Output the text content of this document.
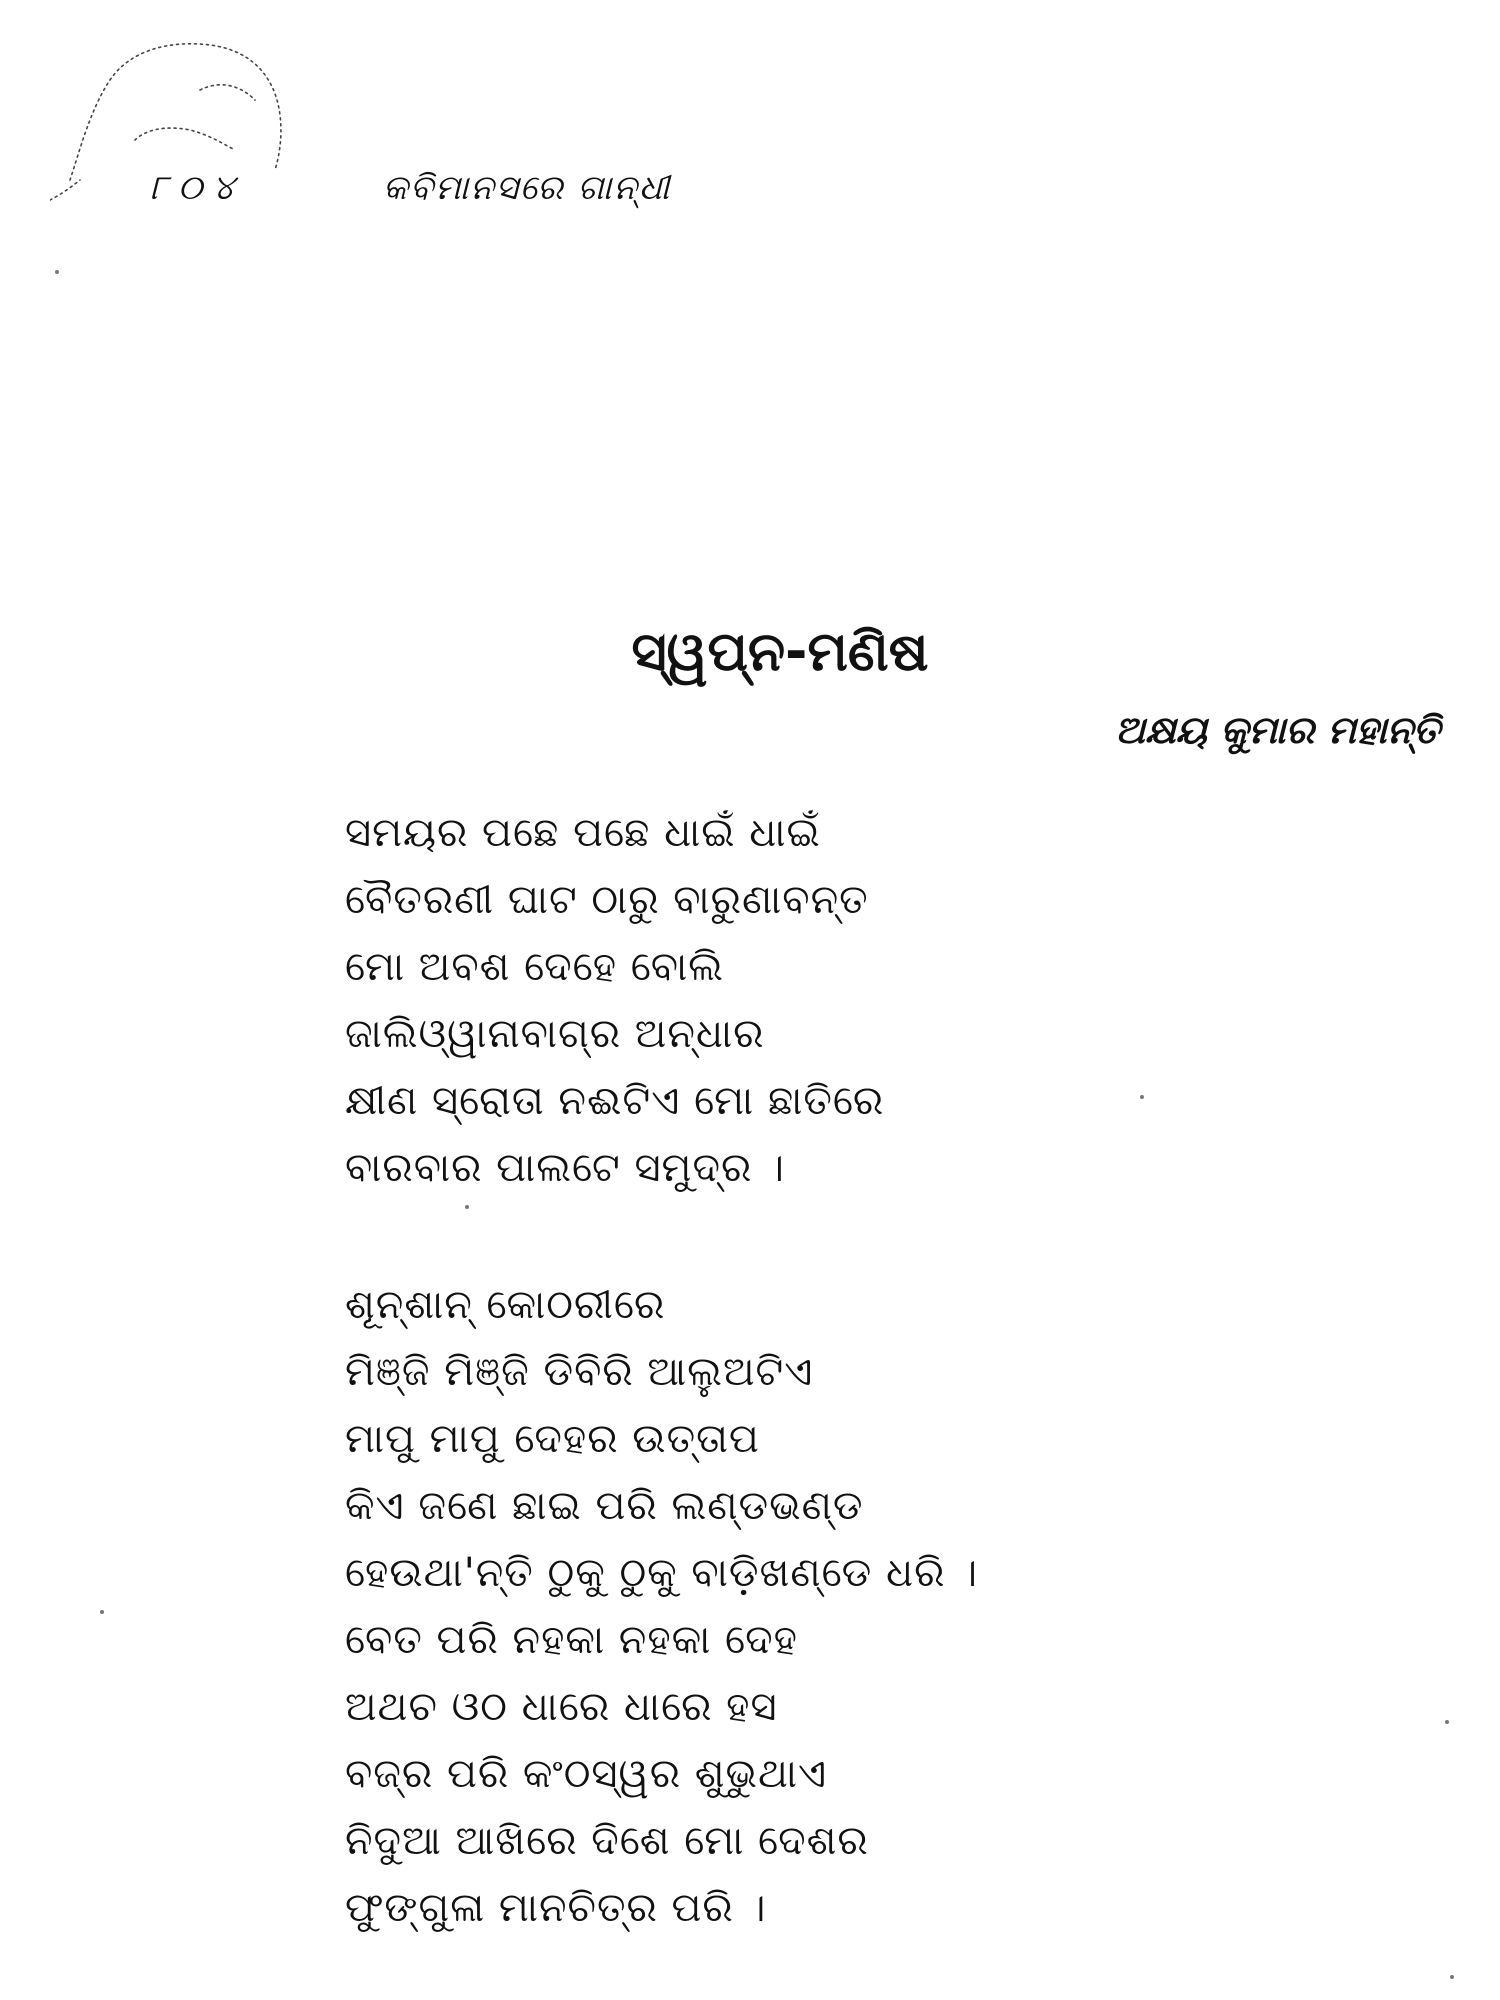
୮୦୪	କବିମାନସରେ ଗାନ୍ଧୀ
ସ୍ୱପ୍ନ-ମଣିଷ
ଅକ୍ଷୟ କୁମାର ମହାନ୍ତି
ସମୟର ପଛେ ପଛେ ଧାଇଁ ଧାଇଁ
ବୈତରଣୀ ଘାଟ ଠାରୁ ବାରୁଣାବନ୍ତ
ମୋ ଅବଶ ଦେହେ ବୋଲି
ଜାଲିଓ୍ୱାନାବାଗ୍‌ର ଅନ୍ଧାର
କ୍ଷୀଣ ସ୍ରୋତା ନଈଟିଏ ମୋ ଛାତିରେ
ବାରବାର ପାଲଟେ ସମୁଦ୍ର ।
ଶୂନ୍‌ଶାନ୍ କୋଠରୀରେ
ମିଞ୍ଜି ମିଞ୍ଜି ଡିବିରି ଆଲୁଅଟିଏ
ମାପୁ ମାପୁ ଦେହର ଉତ୍ତାପ
କିଏ ଜଣେ ଛାଇ ପରି ଲଣ୍ଡଭଣ୍ଡ
ହେଉଥା'ନ୍ତି ଠୁକୁ ଠୁକୁ ବାଡ଼ିଖଣ୍ଡେ ଧରି ।
ବେତ ପରି ନହକା ନହକା ଦେହ
ଅଥଚ ଓଠ ଧାରେ ଧାରେ ହସ
ବଜ୍ର ପରି କଂଠସ୍ୱର ଶୁଭୁଥାଏ
ନିଦୁଆ ଆଖିରେ ଦିଶେ ମୋ ଦେଶର
ଫୁଙ୍ଗୁଳା ମାନଚିତ୍ର ପରି ।
